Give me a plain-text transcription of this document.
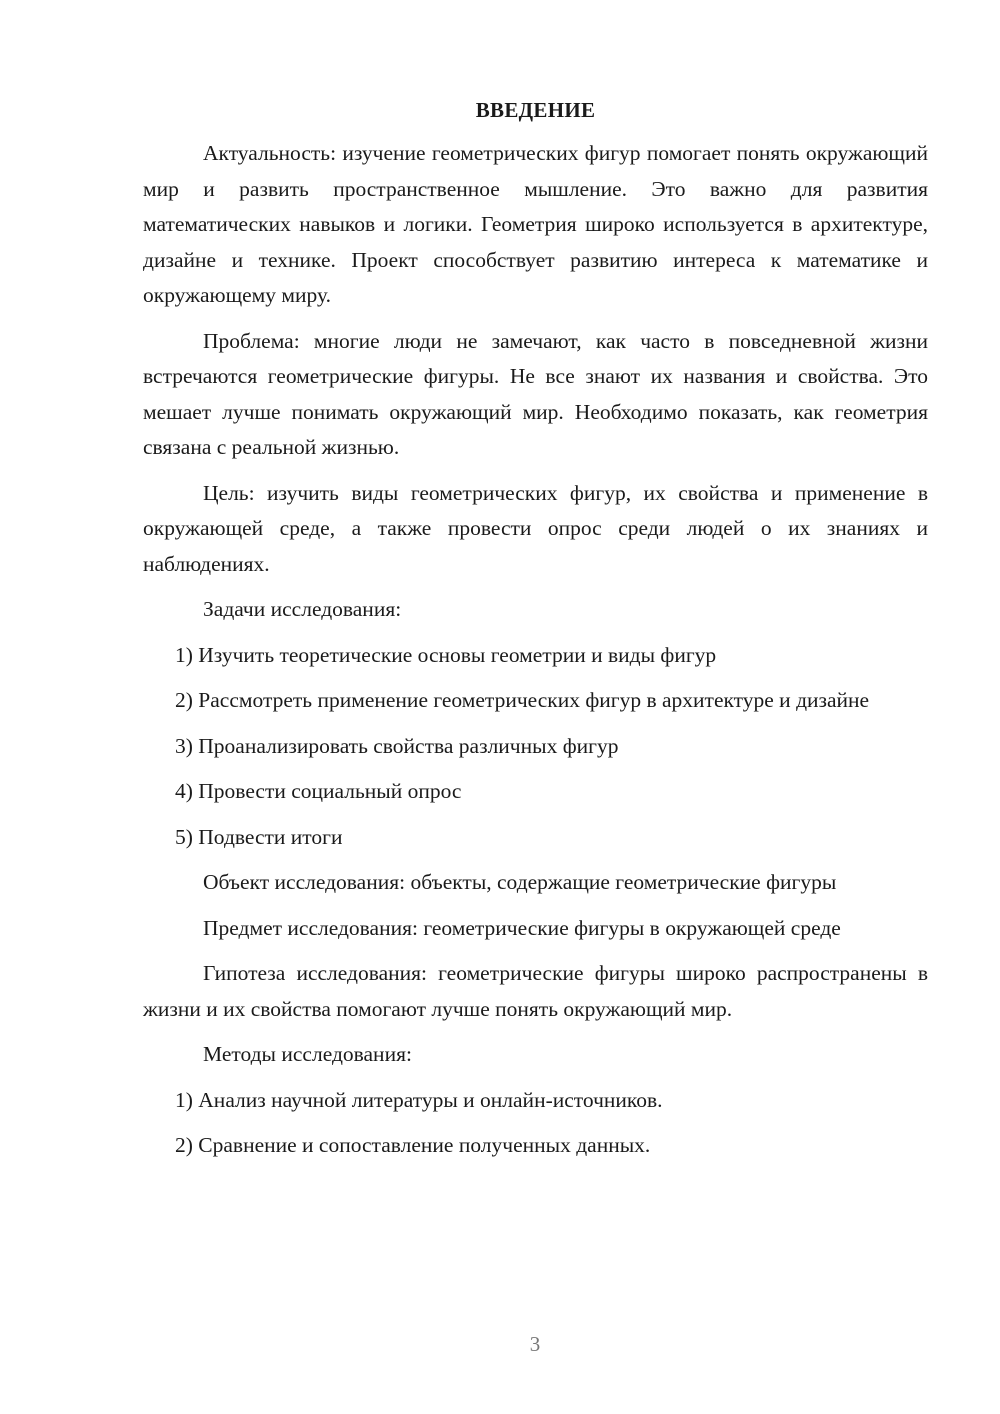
ВВЕДЕНИЕ

Актуальность: изучение геометрических фигур помогает понять окружающий мир и развить пространственное мышление. Это важно для развития математических навыков и логики. Геометрия широко используется в архитектуре, дизайне и технике. Проект способствует развитию интереса к математике и окружающему миру.

Проблема: многие люди не замечают, как часто в повседневной жизни встречаются геометрические фигуры. Не все знают их названия и свойства. Это мешает лучше понимать окружающий мир. Необходимо показать, как геометрия связана с реальной жизнью.

Цель: изучить виды геометрических фигур, их свойства и применение в окружающей среде, а также провести опрос среди людей о их знаниях и наблюдениях.

Задачи исследования:

1) Изучить теоретические основы геометрии и виды фигур

2) Рассмотреть применение геометрических фигур в архитектуре и дизайне

3) Проанализировать свойства различных фигур

4) Провести социальный опрос

5) Подвести итоги

Объект исследования: объекты, содержащие геометрические фигуры

Предмет исследования: геометрические фигуры в окружающей среде

Гипотеза исследования: геометрические фигуры широко распространены в жизни и их свойства помогают лучше понять окружающий мир.

Методы исследования:

1) Анализ научной литературы и онлайн-источников.

2) Сравнение и сопоставление полученных данных.

3
